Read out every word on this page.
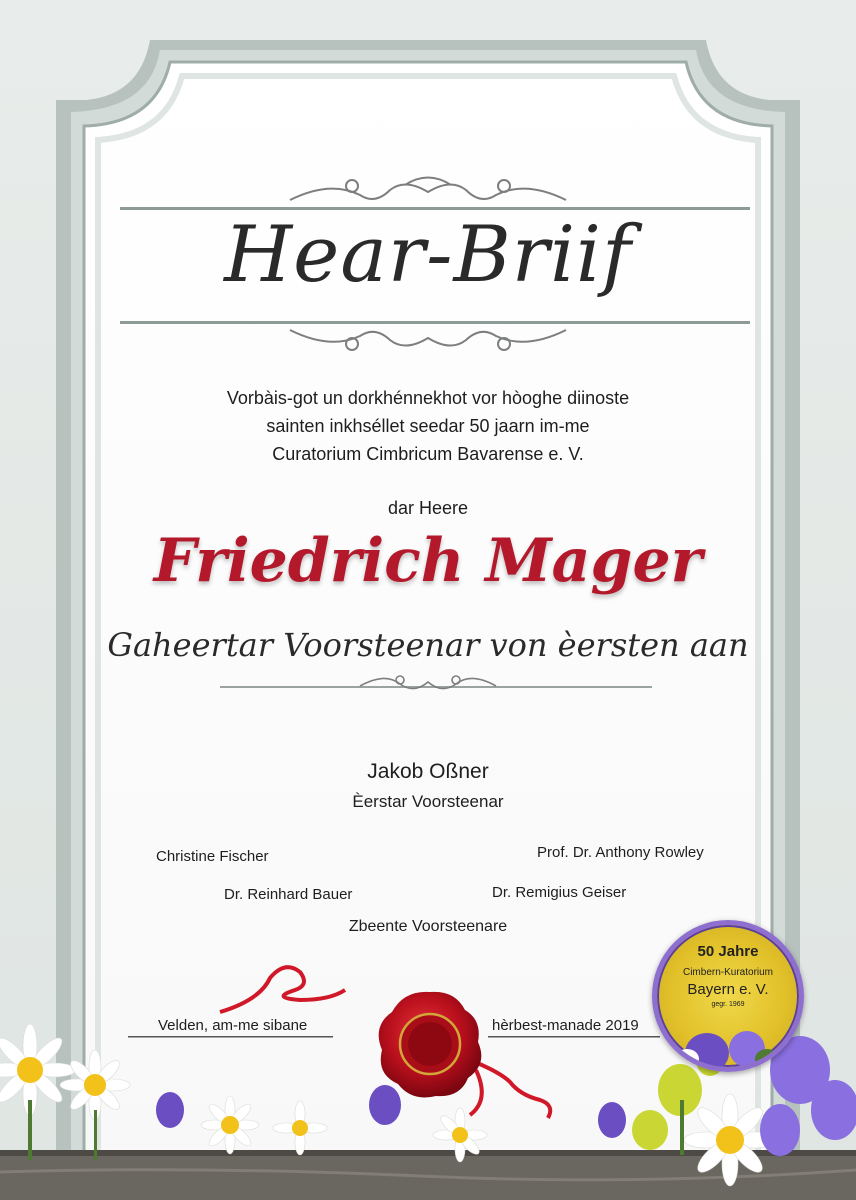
Hear-Briif
Vorbàis-got un dorkhénnekhot vor hòoghe diinoste
sainten inkhséllet seedar 50 jaarn im-me
Curatorium Cimbricum Bavarense e. V.
dar Heere
Friedrich Mager
Gaheertar Voorsteenar von èersten aan
Jakob Oßner
Èerstar Voorsteenar
Christine Fischer	Prof. Dr. Anthony Rowley
Dr. Reinhard Bauer	Dr. Remigius Geiser
Zbeente Voorsteenare
Velden, am-me sibane	hèrbest-manade 2019
50 Jahre
Cimbern-Kuratorium
Bayern e. V.
gegr. 1969
